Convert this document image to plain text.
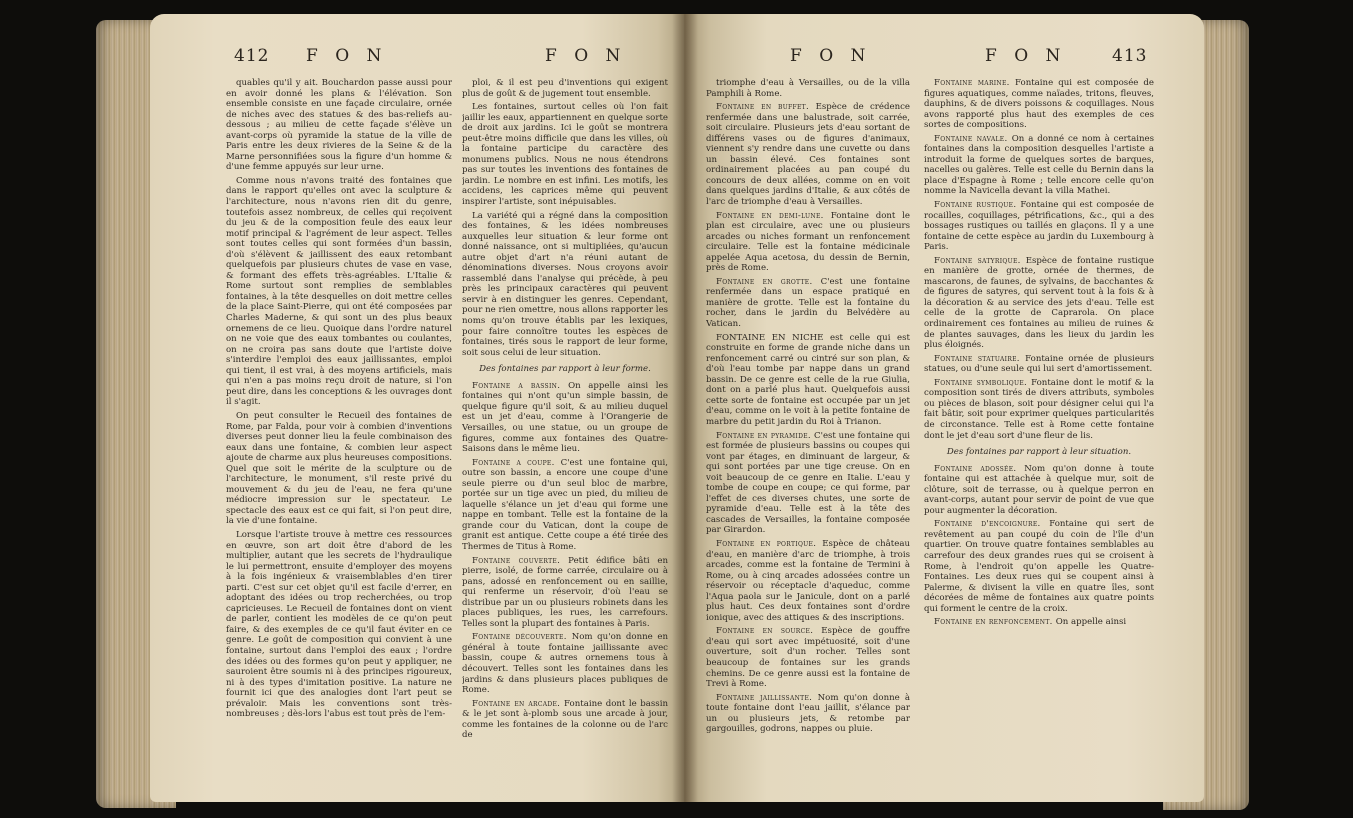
412 F O N	F O N	F O N	F O N	413

quables qu'il y ait. Bouchardon passe aussi pour en avoir donné les plans & l'élévation. Son ensemble consiste en une façade circulaire, ornée de niches avec des statues & des bas-reliefs au-dessous ; au milieu de cette façade s'élève un avant-corps où pyramide la statue de la ville de Paris entre les deux rivieres de la Seine & de la Marne personnifiées sous la figure d'un homme & d'une femme appuyés sur leur urne.

Comme nous n'avons traité des fontaines que dans le rapport qu'elles ont avec la sculpture & l'architecture, nous n'avons rien dit du genre, toutefois assez nombreux, de celles qui reçoivent du jeu & de la composition feule des eaux leur motif principal & l'agrément de leur aspect. Telles sont toutes celles qui sont formées d'un bassin, d'où s'élèvent & jaillissent des eaux retombant quelquefois par plusieurs chutes de vase en vase, & formant des effets très-agréables. L'Italie & Rome surtout sont remplies de semblables fontaines, à la tête desquelles on doit mettre celles de la place Saint-Pierre, qui ont été composées par Charles Maderne, & qui sont un des plus beaux ornemens de ce lieu. Quoique dans l'ordre naturel on ne voie que des eaux tombantes ou coulantes, on ne croira pas sans doute que l'artiste doive s'interdire l'emploi des eaux jaillissantes, emploi qui tient, il est vrai, à des moyens artificiels, mais qui n'en a pas moins reçu droit de nature, si l'on peut dire, dans les conceptions & les ouvrages dont il s'agit.

On peut consulter le Recueil des fontaines de Rome, par Falda, pour voir à combien d'inventions diverses peut donner lieu la feule combinaison des eaux dans une fontaine, & combien leur aspect ajoute de charme aux plus heureuses compositions. Quel que soit le mérite de la sculpture ou de l'architecture, le monument, s'il reste privé du mouvement & du jeu de l'eau, ne fera qu'une médiocre impression sur le spectateur. Le spectacle des eaux est ce qui fait, si l'on peut dire, la vie d'une fontaine.

Lorsque l'artiste trouve à mettre ces ressources en œuvre, son art doit être d'abord de les multiplier, autant que les secrets de l'hydraulique le lui permettront, ensuite d'employer des moyens à la fois ingénieux & vraisemblables d'en tirer parti. C'est sur cet objet qu'il est facile d'errer, en adoptant des idées ou trop recherchées, ou trop capricieuses. Le Recueil de fontaines dont on vient de parler, contient les modèles de ce qu'on peut faire, & des exemples de ce qu'il faut éviter en ce genre. Le goût de composition qui convient à une fontaine, surtout dans l'emploi des eaux ; l'ordre des idées ou des formes qu'on peut y appliquer, ne sauroient être soumis ni à des principes rigoureux, ni à des types d'imitation positive. La nature ne fournit ici que des analogies dont l'art peut se prévaloir. Mais les conventions sont très-nombreuses ; dès-lors l'abus est tout près de l'em-

ploi, & il est peu d'inventions qui exigent plus de goût & de jugement tout ensemble.

Les fontaines, surtout celles où l'on fait jaillir les eaux, appartiennent en quelque sorte de droit aux jardins. Ici le goût se montrera peut-être moins difficile que dans les villes, où la fontaine participe du caractère des monumens publics. Nous ne nous étendrons pas sur toutes les inventions des fontaines de jardin. Le nombre en est infini. Les motifs, les accidens, les caprices même qui peuvent inspirer l'artiste, sont inépuisables.

La variété qui a régné dans la composition des fontaines, & les idées nombreuses auxquelles leur situation & leur forme ont donné naissance, ont si multipliées, qu'aucun autre objet d'art n'a réuni autant de dénominations diverses. Nous croyons avoir rassemblé dans l'analyse qui précède, à peu près les principaux caractères qui peuvent servir à en distinguer les genres. Cependant, pour ne rien omettre, nous allons rapporter les noms qu'on trouve établis par les lexiques, pour faire connoître toutes les espèces de fontaines, tirés sous le rapport de leur forme, soit sous celui de leur situation.

Des fontaines par rapport à leur forme.

Fontaine a bassin. On appelle ainsi les fontaines qui n'ont qu'un simple bassin, de quelque figure qu'il soit, & au milieu duquel est un jet d'eau, comme à l'Orangerie de Versailles, ou une statue, ou un groupe de figures, comme aux fontaines des Quatre-Saisons dans le même lieu.

Fontaine a coupe. C'est une fontaine qui, outre son bassin, a encore une coupe d'une seule pierre ou d'un seul bloc de marbre, portée sur un tige avec un pied, du milieu de laquelle s'élance un jet d'eau qui forme une nappe en tombant. Telle est la fontaine de la grande cour du Vatican, dont la coupe de granit est antique. Cette coupe a été tirée des Thermes de Titus à Rome.

Fontaine couverte. Petit édifice bâti en pierre, isolé, de forme carrée, circulaire ou à pans, adossé en renfoncement ou en saillie, qui renferme un réservoir, d'où l'eau se distribue par un ou plusieurs robinets dans les places publiques, les rues, les carrefours. Telles sont la plupart des fontaines à Paris.

Fontaine découverte. Nom qu'on donne en général à toute fontaine jaillissante avec bassin, coupe & autres ornemens tous à découvert. Telles sont les fontaines dans les jardins & dans plusieurs places publiques de Rome.

Fontaine en arcade. Fontaine dont le bassin & le jet sont à-plomb sous une arcade à jour, comme les fontaines de la colonne ou de l'arc de

triomphe d'eau à Versailles, ou de la villa Pamphili à Rome.

Fontaine en buffet. Espèce de crédence renfermée dans une balustrade, soit carrée, soit circulaire. Plusieurs jets d'eau sortant de différens vases ou de figures d'animaux, viennent s'y rendre dans une cuvette ou dans un bassin élevé. Ces fontaines sont ordinairement placées au pan coupé du concours de deux allées, comme on en voit dans quelques jardins d'Italie, & aux côtés de l'arc de triomphe d'eau à Versailles.

Fontaine en demi-lune. Fontaine dont le plan est circulaire, avec une ou plusieurs arcades ou niches formant un renfoncement circulaire. Telle est la fontaine médicinale appelée Aqua acetosa, du dessin de Bernin, près de Rome.

Fontaine en grotte. C'est une fontaine renfermée dans un espace pratiqué en manière de grotte. Telle est la fontaine du rocher, dans le jardin du Belvédère au Vatican.

FONTAINE EN NICHE est celle qui est construite en forme de grande niche dans un renfoncement carré ou cintré sur son plan, & d'où l'eau tombe par nappe dans un grand bassin. De ce genre est celle de la rue Giulia, dont on a parlé plus haut. Quelquefois aussi cette sorte de fontaine est occupée par un jet d'eau, comme on le voit à la petite fontaine de marbre du petit jardin du Roi à Trianon.

Fontaine en pyramide. C'est une fontaine qui est formée de plusieurs bassins ou coupes qui vont par étages, en diminuant de largeur, & qui sont portées par une tige creuse. On en voit beaucoup de ce genre en Italie. L'eau y tombe de coupe en coupe; ce qui forme, par l'effet de ces diverses chutes, une sorte de pyramide d'eau. Telle est à la tête des cascades de Versailles, la fontaine composée par Girardon.

Fontaine en portique. Espèce de château d'eau, en manière d'arc de triomphe, à trois arcades, comme est la fontaine de Termini à Rome, ou à cinq arcades adossées contre un réservoir ou réceptacle d'aqueduc, comme l'Aqua paola sur le Janicule, dont on a parlé plus haut. Ces deux fontaines sont d'ordre ionique, avec des attiques & des inscriptions.

Fontaine en source. Espèce de gouffre d'eau qui sort avec impétuosité, soit d'une ouverture, soit d'un rocher. Telles sont beaucoup de fontaines sur les grands chemins. De ce genre aussi est la fontaine de Trevi à Rome.

Fontaine jaillissante. Nom qu'on donne à toute fontaine dont l'eau jaillit, s'élance par un ou plusieurs jets, & retombe par gargouilles, godrons, nappes ou pluie.

Fontaine marine. Fontaine qui est composée de figures aquatiques, comme naïades, tritons, fleuves, dauphins, & de divers poissons & coquillages. Nous avons rapporté plus haut des exemples de ces sortes de compositions.

Fontaine navale. On a donné ce nom à certaines fontaines dans la composition desquelles l'artiste a introduit la forme de quelques sortes de barques, nacelles ou galères. Telle est celle du Bernin dans la place d'Espagne à Rome ; telle encore celle qu'on nomme la Navicella devant la villa Mathei.

Fontaine rustique. Fontaine qui est composée de rocailles, coquillages, pétrifications, &c., qui a des bossages rustiques ou taillés en glaçons. Il y a une fontaine de cette espèce au jardin du Luxembourg à Paris.

Fontaine satyrique. Espèce de fontaine rustique en manière de grotte, ornée de thermes, de mascarons, de faunes, de sylvains, de bacchantes & de figures de satyres, qui servent tout à la fois & à la décoration & au service des jets d'eau. Telle est celle de la grotte de Caprarola. On place ordinairement ces fontaines au milieu de ruines & de plantes sauvages, dans les lieux du jardin les plus éloignés.

Fontaine statuaire. Fontaine ornée de plusieurs statues, ou d'une seule qui lui sert d'amortissement.

Fontaine symbolique. Fontaine dont le motif & la composition sont tirés de divers attributs, symboles ou pièces de blason, soit pour désigner celui qui l'a fait bâtir, soit pour exprimer quelques particularités de circonstance. Telle est à Rome cette fontaine dont le jet d'eau sort d'une fleur de lis.

Des fontaines par rapport à leur situation.

Fontaine adossée. Nom qu'on donne à toute fontaine qui est attachée à quelque mur, soit de clôture, soit de terrasse, ou à quelque perron en avant-corps, autant pour servir de point de vue que pour augmenter la décoration.

Fontaine d'encoignure. Fontaine qui sert de revêtement au pan coupé du coin de l'île d'un quartier. On trouve quatre fontaines semblables au carrefour des deux grandes rues qui se croisent à Rome, à l'endroit qu'on appelle les Quatre-Fontaines. Les deux rues qui se coupent ainsi à Palerme, & divisent la ville en quatre îles, sont décorées de même de fontaines aux quatre points qui forment le centre de la croix.

Fontaine en renfoncement. On appelle ainsi
